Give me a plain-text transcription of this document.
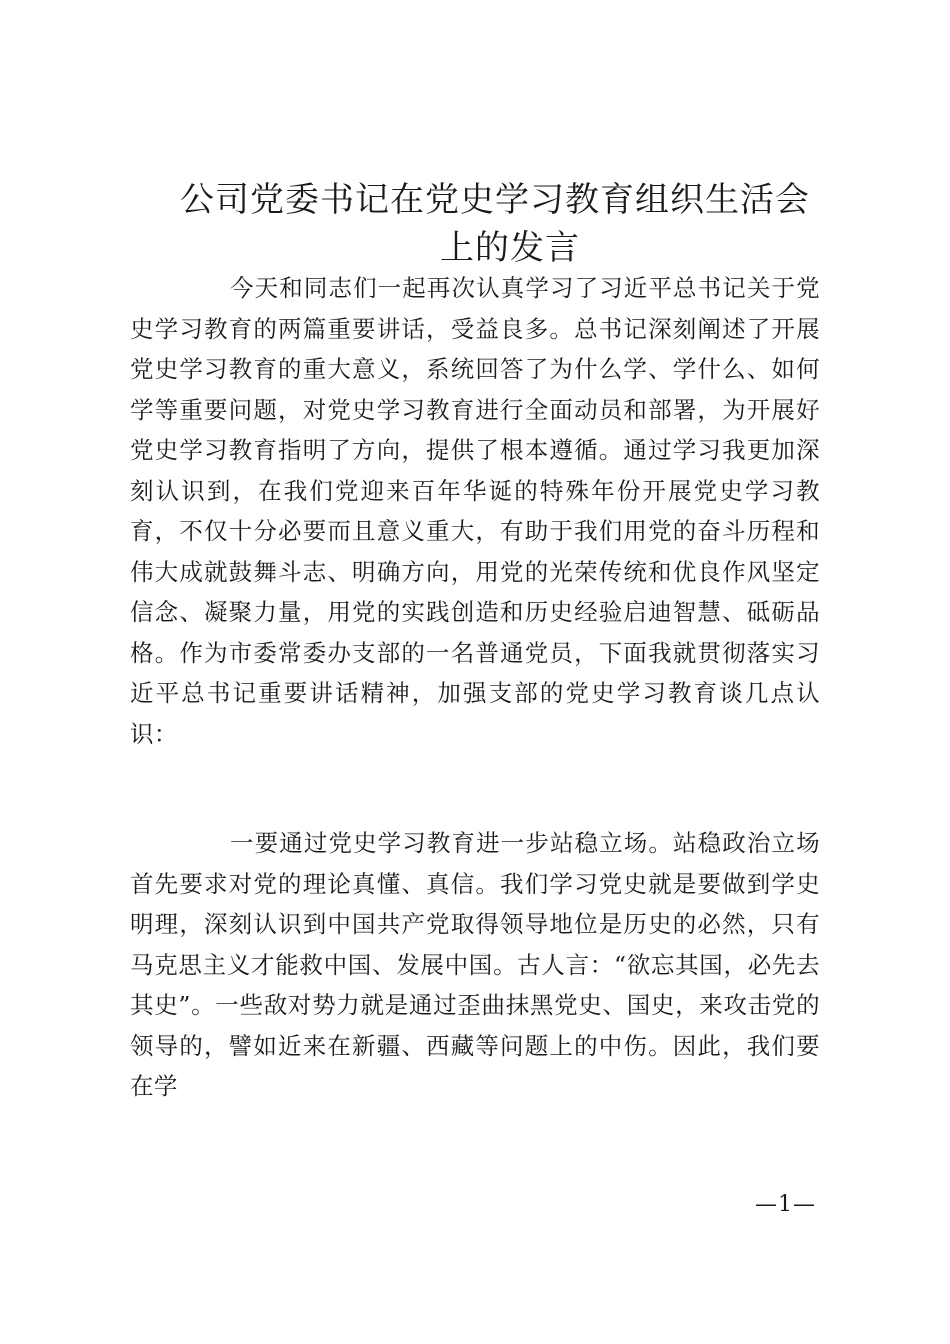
公司党委书记在党史学习教育组织生活会
上的发言

今天和同志们一起再次认真学习了习近平总书记关于党史学习教育的两篇重要讲话，受益良多。总书记深刻阐述了开展党史学习教育的重大意义，系统回答了为什么学、学什么、如何学等重要问题，对党史学习教育进行全面动员和部署，为开展好党史学习教育指明了方向，提供了根本遵循。通过学习我更加深刻认识到，在我们党迎来百年华诞的特殊年份开展党史学习教育，不仅十分必要而且意义重大，有助于我们用党的奋斗历程和伟大成就鼓舞斗志、明确方向，用党的光荣传统和优良作风坚定信念、凝聚力量，用党的实践创造和历史经验启迪智慧、砥砺品格。作为市委常委办支部的一名普通党员，下面我就贯彻落实习近平总书记重要讲话精神，加强支部的党史学习教育谈几点认识：

一要通过党史学习教育进一步站稳立场。站稳政治立场首先要求对党的理论真懂、真信。我们学习党史就是要做到学史明理，深刻认识到中国共产党取得领导地位是历史的必然，只有马克思主义才能救中国、发展中国。古人言：“欲忘其国，必先去其史”。一些敌对势力就是通过歪曲抹黑党史、国史，来攻击党的领导的，譬如近来在新疆、西藏等问题上的中伤。因此，我们要在学

—1—
